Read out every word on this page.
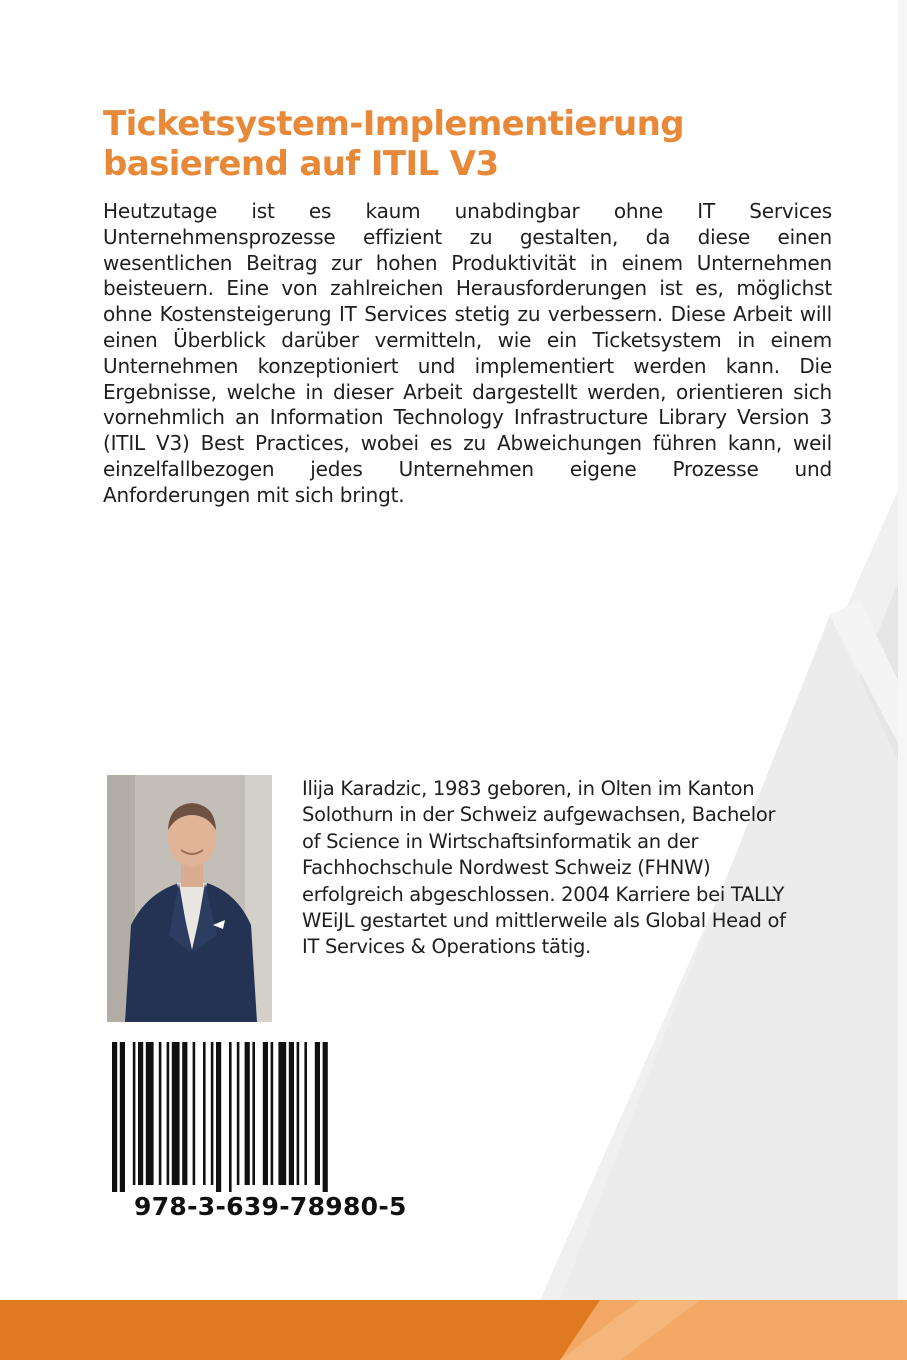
Ticketsystem-Implementierung
basierend auf ITIL V3

Heutzutage ist es kaum unabdingbar ohne IT Services Unternehmensprozesse effizient zu gestalten, da diese einen wesentlichen Beitrag zur hohen Produktivität in einem Unternehmen beisteuern. Eine von zahlreichen Herausforderungen ist es, möglichst ohne Kostensteigerung IT Services stetig zu verbessern. Diese Arbeit will einen Überblick darüber vermitteln, wie ein Ticketsystem in einem Unternehmen konzeptioniert und implementiert werden kann. Die Ergebnisse, welche in dieser Arbeit dargestellt werden, orientieren sich vornehmlich an Information Technology Infrastructure Library Version 3 (ITIL V3) Best Practices, wobei es zu Abweichungen führen kann, weil einzelfallbezogen jedes Unternehmen eigene Prozesse und Anforderungen mit sich bringt.

Ilija Karadzic, 1983 geboren, in Olten im Kanton
Solothurn in der Schweiz aufgewachsen, Bachelor
of Science in Wirtschaftsinformatik an der
Fachhochschule Nordwest Schweiz (FHNW)
erfolgreich abgeschlossen. 2004 Karriere bei TALLY
WEiJL gestartet und mittlerweile als Global Head of
IT Services & Operations tätig.

978-3-639-78980-5
